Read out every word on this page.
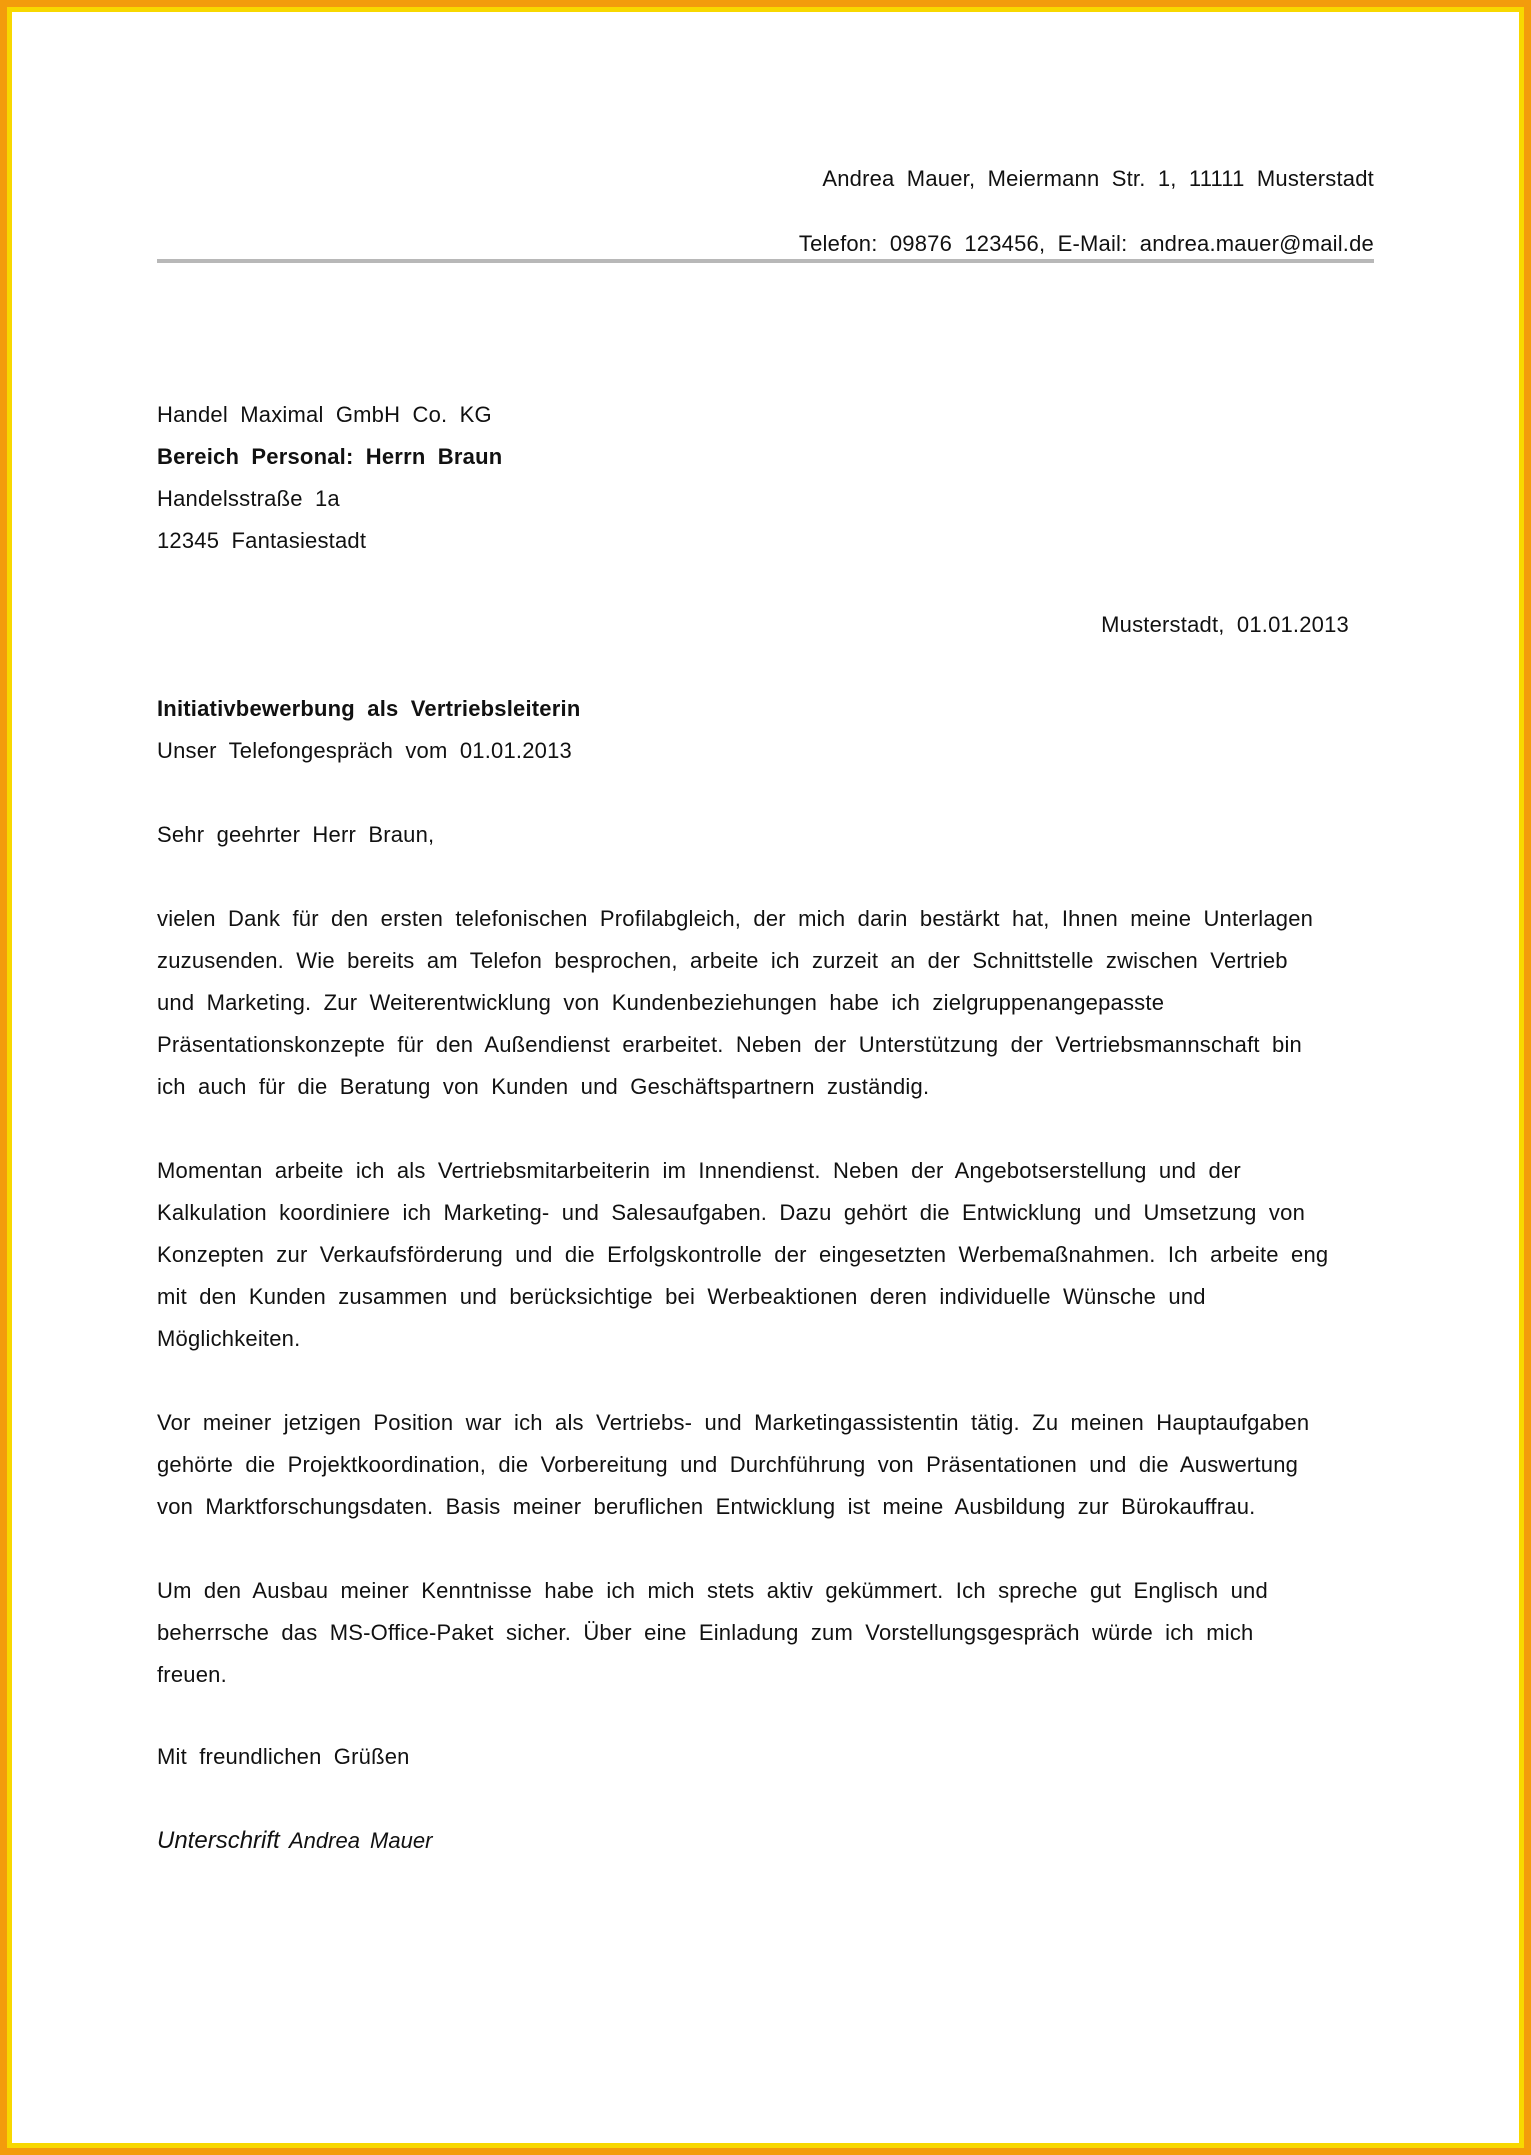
Andrea Mauer, Meiermann Str. 1, 11111 Musterstadt
Telefon: 09876 123456, E-Mail: andrea.mauer@mail.de
Handel Maximal GmbH Co. KG
Bereich Personal: Herrn Braun
Handelsstraße 1a
12345 Fantasiestadt
Musterstadt, 01.01.2013
Initiativbewerbung als Vertriebsleiterin
Unser Telefongespräch vom 01.01.2013
Sehr geehrter Herr Braun,
vielen Dank für den ersten telefonischen Profilabgleich, der mich darin bestärkt hat, Ihnen meine Unterlagen
zuzusenden. Wie bereits am Telefon besprochen, arbeite ich zurzeit an der Schnittstelle zwischen Vertrieb
und Marketing. Zur Weiterentwicklung von Kundenbeziehungen habe ich zielgruppenangepasste
Präsentationskonzepte für den Außendienst erarbeitet. Neben der Unterstützung der Vertriebsmannschaft bin
ich auch für die Beratung von Kunden und Geschäftspartnern zuständig.
Momentan arbeite ich als Vertriebsmitarbeiterin im Innendienst. Neben der Angebotserstellung und der
Kalkulation koordiniere ich Marketing- und Salesaufgaben. Dazu gehört die Entwicklung und Umsetzung von
Konzepten zur Verkaufsförderung und die Erfolgskontrolle der eingesetzten Werbemaßnahmen. Ich arbeite eng
mit den Kunden zusammen und berücksichtige bei Werbeaktionen deren individuelle Wünsche und
Möglichkeiten.
Vor meiner jetzigen Position war ich als Vertriebs- und Marketingassistentin tätig. Zu meinen Hauptaufgaben
gehörte die Projektkoordination, die Vorbereitung und Durchführung von Präsentationen und die Auswertung
von Marktforschungsdaten. Basis meiner beruflichen Entwicklung ist meine Ausbildung zur Bürokauffrau.
Um den Ausbau meiner Kenntnisse habe ich mich stets aktiv gekümmert. Ich spreche gut Englisch und
beherrsche das MS-Office-Paket sicher. Über eine Einladung zum Vorstellungsgespräch würde ich mich
freuen.
Mit freundlichen Grüßen
Unterschrift Andrea Mauer
